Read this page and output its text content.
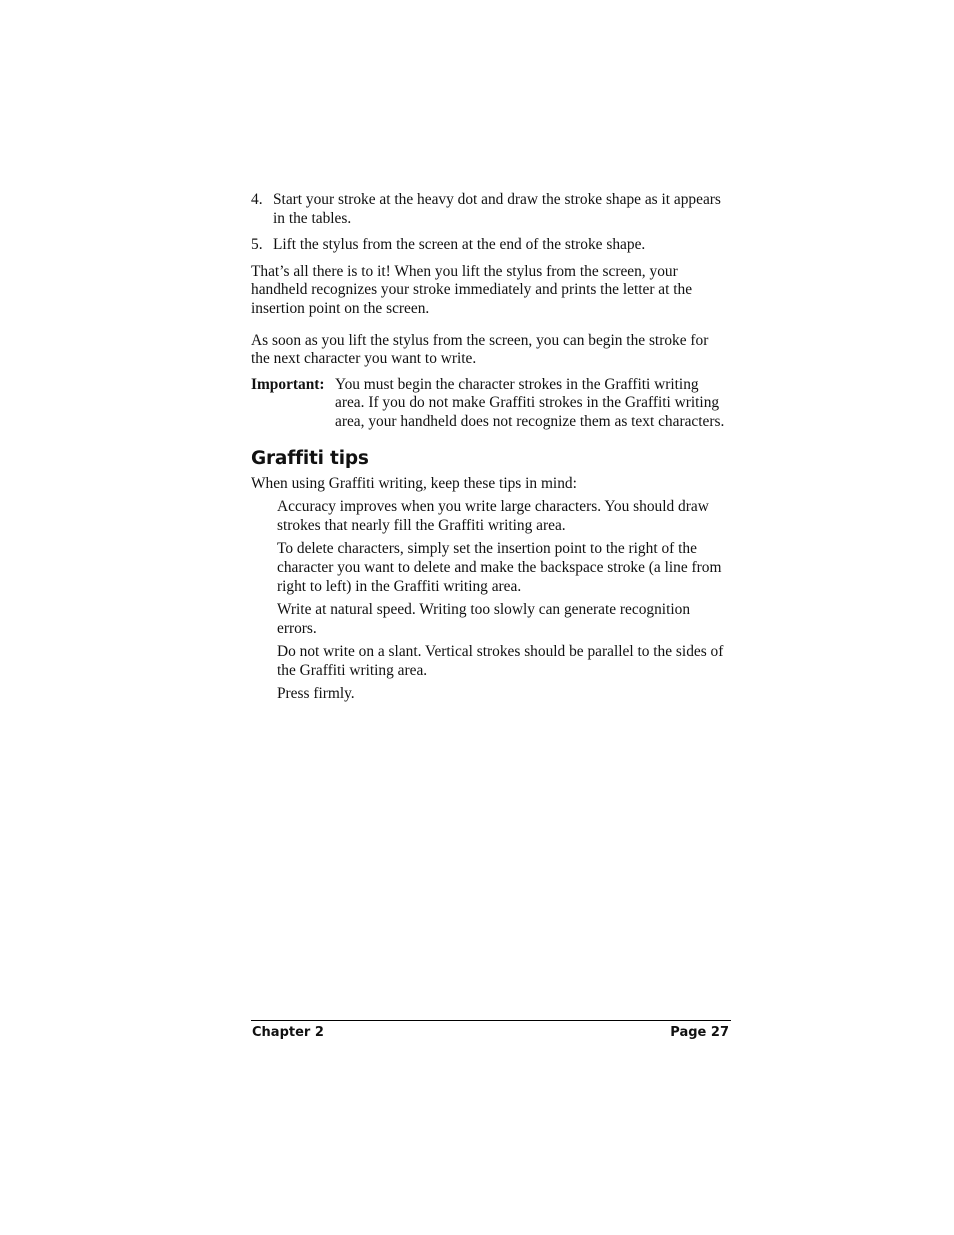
4. Start your stroke at the heavy dot and draw the stroke shape as it appears in the tables.
5. Lift the stylus from the screen at the end of the stroke shape.

That’s all there is to it! When you lift the stylus from the screen, your handheld recognizes your stroke immediately and prints the letter at the insertion point on the screen.

As soon as you lift the stylus from the screen, you can begin the stroke for the next character you want to write.

Important: You must begin the character strokes in the Graffiti writing area. If you do not make Graffiti strokes in the Graffiti writing area, your handheld does not recognize them as text characters.
Graffiti tips

When using Graffiti writing, keep these tips in mind:

Accuracy improves when you write large characters. You should draw strokes that nearly fill the Graffiti writing area.

To delete characters, simply set the insertion point to the right of the character you want to delete and make the backspace stroke (a line from right to left) in the Graffiti writing area.

Write at natural speed. Writing too slowly can generate recognition errors.

Do not write on a slant. Vertical strokes should be parallel to the sides of the Graffiti writing area.

Press firmly.

Chapter 2	Page 27
